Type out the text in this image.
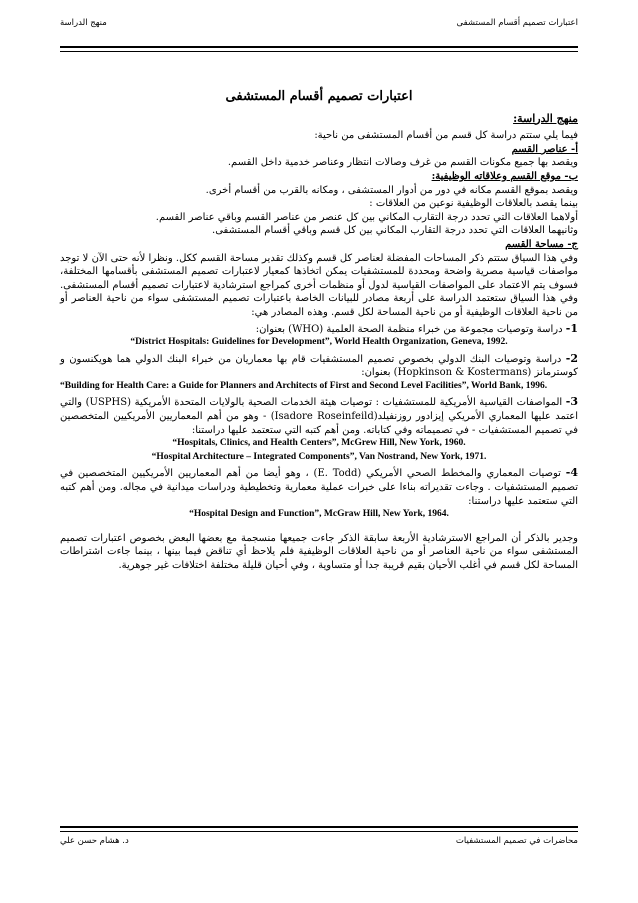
اعتبارات تصميم أقسام المستشفى
منهج الدراسة

اعتبارات تصميم أقسام المستشفى

منهج الدراسة:

فيما يلي ستتم دراسة كل قسم من أقسام المستشفى من ناحية:

أ- عناصر القسم

ويقصد بها جميع مكونات القسم من غرف وصالات انتظار وعناصر خدمية داخل القسم.

ب- موقع القسم وعلاقاته الوظيفية:

ويقصد بموقع القسم مكانه في دور من أدوار المستشفى ، ومكانه بالقرب من أقسام أخرى.

بينما يقصد بالعلاقات الوظيفية نوعين من العلاقات :

أولاهما العلاقات التي تحدد درجة التقارب المكاني بين كل عنصر من عناصر القسم وباقي عناصر القسم.

وثانيهما العلاقات التي تحدد درجة التقارب المكاني بين كل قسم وباقي أقسام المستشفى.

ج- مساحة القسم

وفي هذا السياق ستتم ذكر المساحات المفضلة لعناصر كل قسم وكذلك تقدير مساحة القسم ككل. ونظرا لأنه حتى الآن لا توجد مواصفات قياسية مصرية واضحة ومحددة للمستشفيات يمكن اتخاذها كمعيار لاعتبارات تصميم المستشفى بأقسامها المختلفة، فسوف يتم الاعتماد على المواصفات القياسية لدول أو منظمات أخرى كمراجع استرشادية لاعتبارات تصميم أقسام المستشفى. وفي هذا السياق ستعتمد الدراسة على أربعة مصادر للبيانات الخاصة باعتبارات تصميم المستشفى سواء من ناحية العناصر أو من ناحية العلاقات الوظيفية أو من ناحية المساحة لكل قسم. وهذه المصادر هي:

1- دراسة وتوصيات مجموعة من خبراء منظمة الصحة العلمية (WHO) بعنوان:

“District Hospitals: Guidelines for Development”, World Health Organization, Geneva, 1992.

2- دراسة وتوصيات البنك الدولي بخصوص تصميم المستشفيات قام بها معماريان من خبراء البنك الدولي هما هويكنسون و كوسترمانز (Hopkinson & Kostermans) بعنوان:

“Building for Health Care: a Guide for Planners and Architects of First and Second Level Facilities”, World Bank, 1996.

3- المواصفات القياسية الأمريكية للمستشفيات : توصيات هيئة الخدمات الصحية بالولايات المتحدة الأمريكية (USPHS) والتي اعتمد عليها المعماري الأمريكي إيزادور روزنفيلد(Isadore Roseinfeild) - وهو من أهم المعماريين الأمريكيين المتخصصين في تصميم المستشفيات - في تصميماته وفي كتاباته. ومن أهم كتبه التي ستعتمد عليها دراستنا:

“Hospitals, Clinics, and Health Centers”, McGrew Hill, New York, 1960.

“Hospital Architecture – Integrated Components”, Van Nostrand, New York, 1971.

4- توصيات المعماري والمخطط الصحي الأمريكي (E. Todd) ، وهو أيضا من أهم المعماريين الأمريكيين المتخصصين في تصميم المستشفيات . وجاءت تقديراته بناءا على خبرات عملية معمارية وتخطيطية ودراسات ميدانية في مجاله. ومن أهم كتبه التي ستعتمد عليها دراستنا:

“Hospital Design and Function”, McGraw Hill, New York, 1964.

وجدير بالذكر أن المراجع الاسترشادية الأربعة سابقة الذكر جاءت جميعها منسجمة مع بعضها البعض بخصوص اعتبارات تصميم المستشفى سواء من ناحية العناصر أو من ناحية العلاقات الوظيفية فلم يلاحظ أي تناقض فيما بينها ، بينما جاءت اشتراطات المساحة لكل قسم في أغلب الأحيان بقيم قريبة جدا أو متساوية ، وفي أحيان قليلة مختلفة اختلافات غير جوهرية.

محاضرات في تصميم المستشفيات
د. هشام حسن علي
